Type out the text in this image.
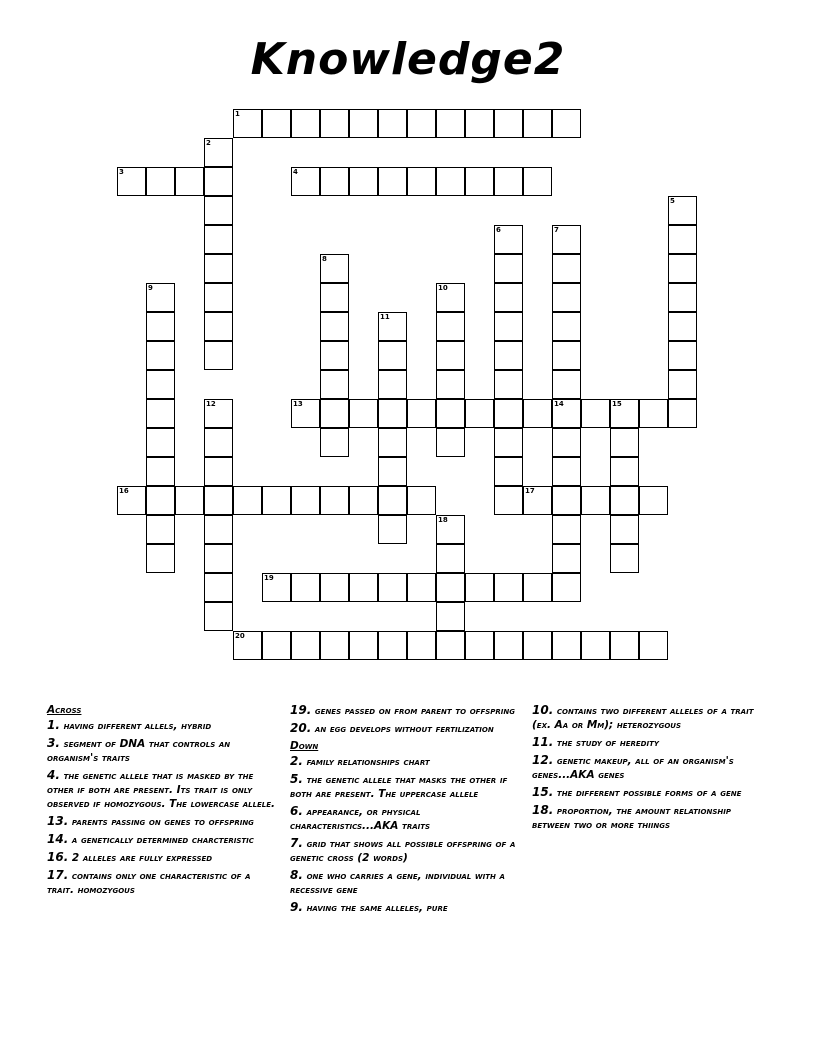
Knowledge2
1
3	4
13	14	15
16	17
19
20
2
5
6	7
8
9	10
11
12
18
Across
1. having different allels, hybrid
3. segment of DNA that controls an organism's traits
4. the genetic allele that is masked by the other if both are present. Its trait is only observed if homozygous. The lowercase allele.
13. parents passing on genes to offspring
14. a genetically determined charcteristic
16. 2 alleles are fully expressed
17. contains only one characteristic of a trait. homozygous
19. genes passed on from parent to offspring
20. an egg develops without fertilization
Down
2. family relationships chart
5. the genetic allele that masks the other if both are present. The uppercase allele
6. appearance, or physical characteristics...AKA traits
7. grid that shows all possible offspring of a genetic cross (2 words)
8. one who carries a gene, individual with a recessive gene
9. having the same alleles, pure
10. contains two different alleles of a trait (ex. Aa or Mm); heterozygous
11. the study of heredity
12. genetic makeup, all of an organism's genes...AKA genes
15. the different possible forms of a gene
18. proportion, the amount relationship between two or more thiings
